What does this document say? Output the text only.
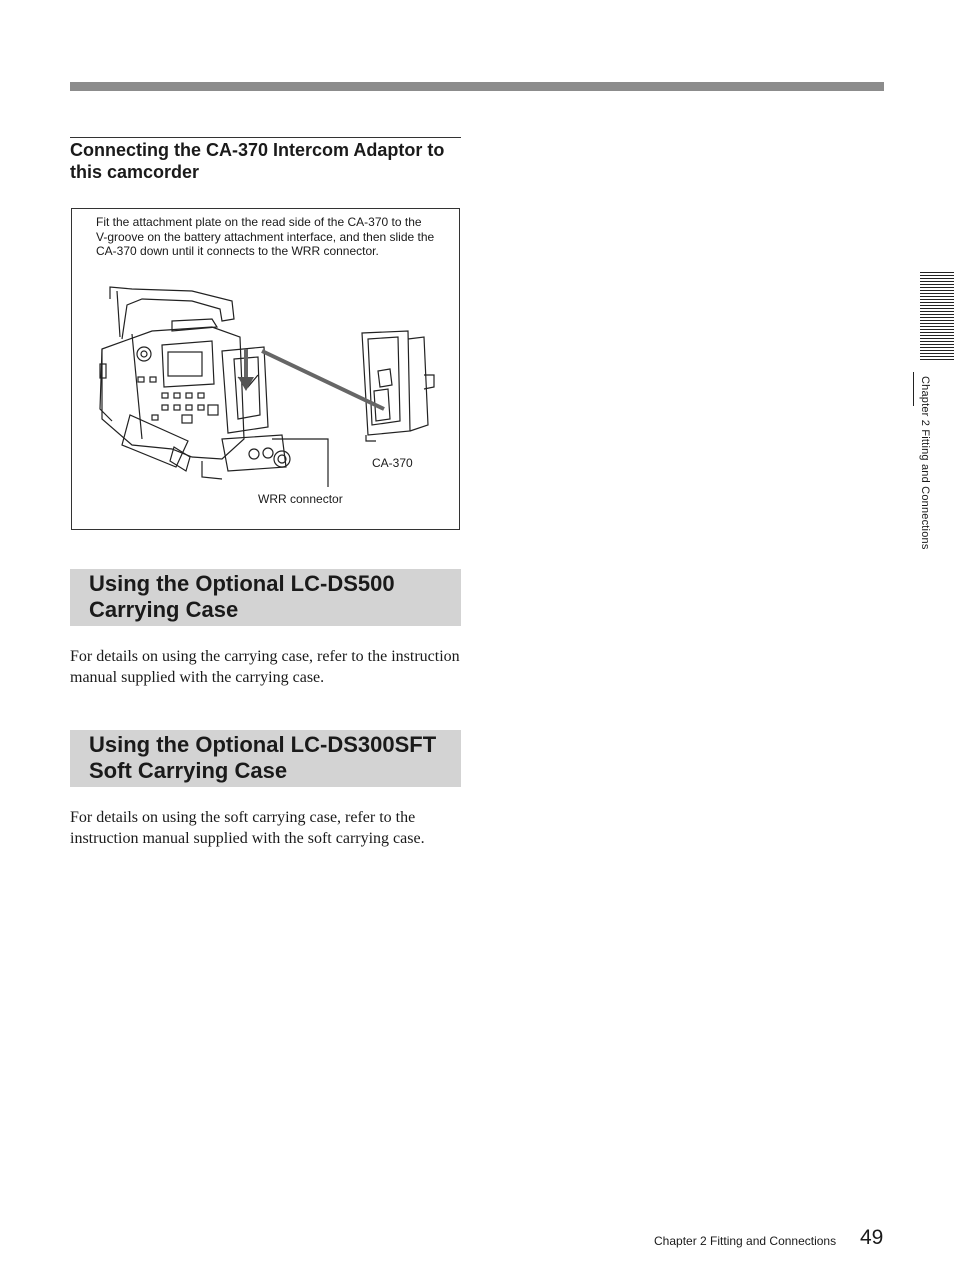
Connecting the CA-370 Intercom Adaptor to this camcorder
Fit the attachment plate on the read side of the CA-370 to the V-groove on the battery attachment interface, and then slide the CA-370 down until it connects to the WRR connector.
CA-370
WRR connector
Using the Optional LC-DS500 Carrying Case

For details on using the carrying case, refer to the instruction manual supplied with the carrying case.

Using the Optional LC-DS300SFT Soft Carrying Case

For details on using the soft carrying case, refer to the instruction manual supplied with the soft carrying case.

Chapter 2 Fitting and Connections
Chapter 2 Fitting and Connections 49
